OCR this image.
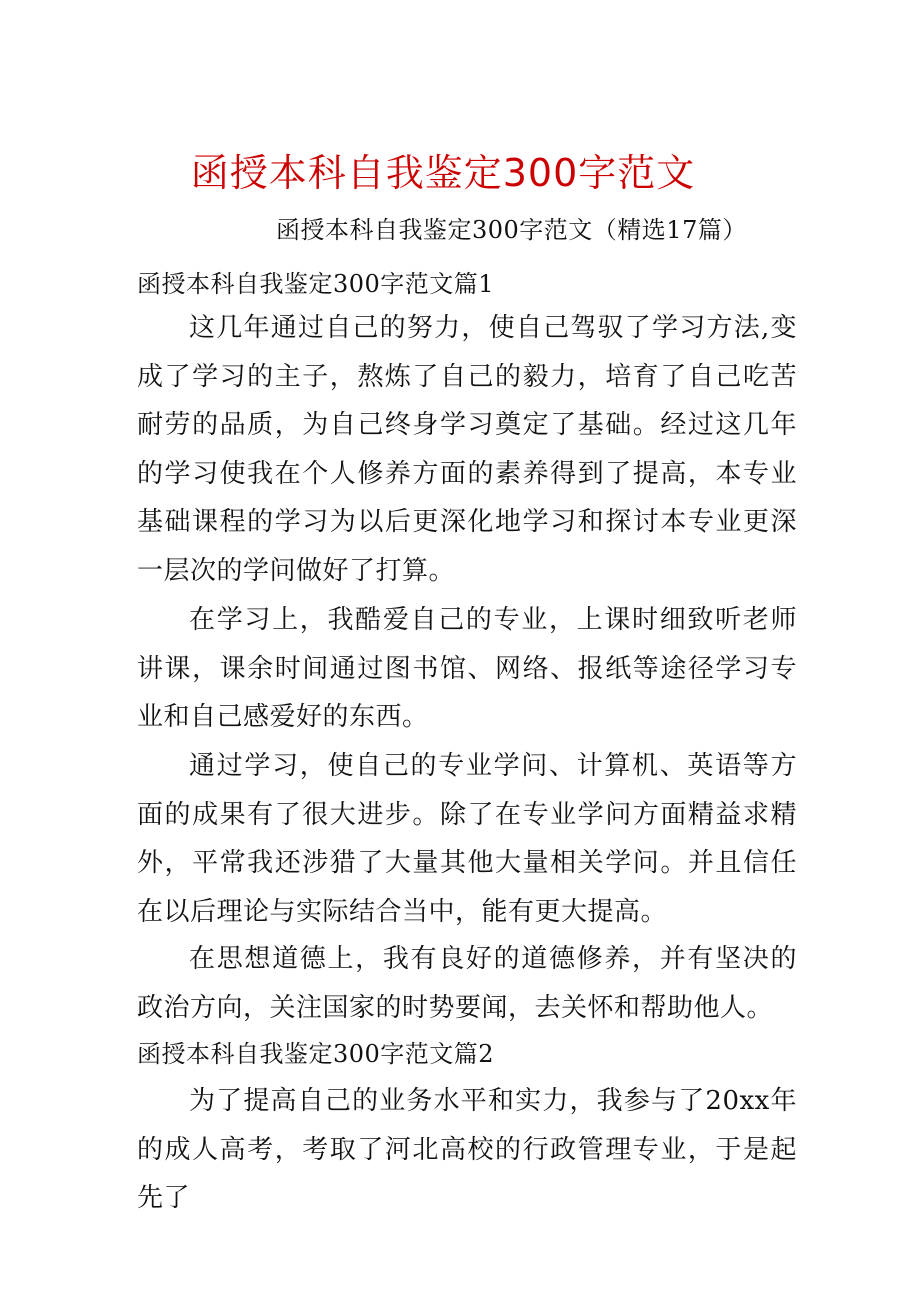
函授本科自我鉴定300字范文
函授本科自我鉴定300字范文（精选17篇）
函授本科自我鉴定300字范文篇1

这几年通过自己的努力，使自己驾驭了学习方法,变成了学习的主子，熬炼了自己的毅力，培育了自己吃苦耐劳的品质，为自己终身学习奠定了基础。经过这几年的学习使我在个人修养方面的素养得到了提高，本专业基础课程的学习为以后更深化地学习和探讨本专业更深一层次的学问做好了打算。

在学习上，我酷爱自己的专业，上课时细致听老师讲课，课余时间通过图书馆、网络、报纸等途径学习专业和自己感爱好的东西。

通过学习，使自己的专业学问、计算机、英语等方面的成果有了很大进步。除了在专业学问方面精益求精外，平常我还涉猎了大量其他大量相关学问。并且信任在以后理论与实际结合当中，能有更大提高。

在思想道德上，我有良好的道德修养，并有坚决的政治方向，关注国家的时势要闻，去关怀和帮助他人。

函授本科自我鉴定300字范文篇2

为了提高自己的业务水平和实力，我参与了20xx年的成人高考，考取了河北高校的行政管理专业，于是起先了
